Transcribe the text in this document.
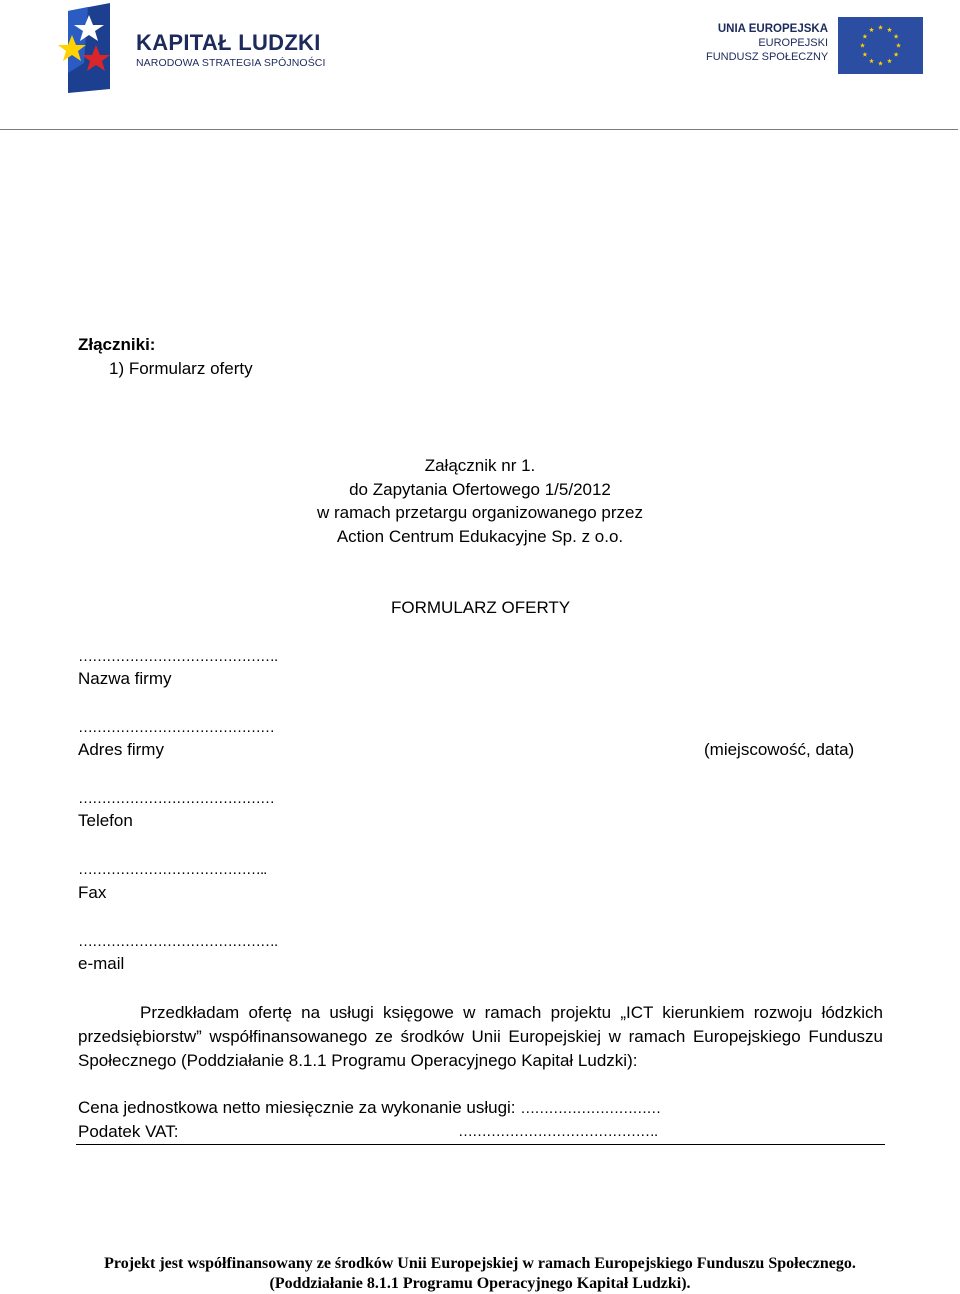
KAPITAŁ LUDZKI
NARODOWA STRATEGIA SPÓJNOŚCI
UNIA EUROPEJSKA
EUROPEJSKI
FUNDUSZ SPOŁECZNY
Złączniki:
1) Formularz oferty
Załącznik nr 1.
do Zapytania Ofertowego 1/5/2012
w ramach przetargu organizowanego przez
Action Centrum Edukacyjne Sp. z o.o.
FORMULARZ OFERTY
…………………………………….
Nazwa firmy
……………………………………
Adres firmy	(miejscowość, data)
……………………………………
Telefon
…………………………………..
Fax
…………………………………….
e-mail
Przedkładam ofertę na usługi księgowe w ramach projektu „ICT kierunkiem rozwoju łódzkich przedsiębiorstw” współfinansowanego ze środków Unii Europejskiej w ramach Europejskiego Funduszu Społecznego (Poddziałanie 8.1.1 Programu Operacyjnego Kapitał Ludzki):
Cena jednostkowa netto miesięcznie za wykonanie usługi: …………………………
Podatek VAT:	…………………………………….
Projekt jest współfinansowany ze środków Unii Europejskiej w ramach Europejskiego Funduszu Społecznego.
(Poddziałanie 8.1.1 Programu Operacyjnego Kapitał Ludzki).
